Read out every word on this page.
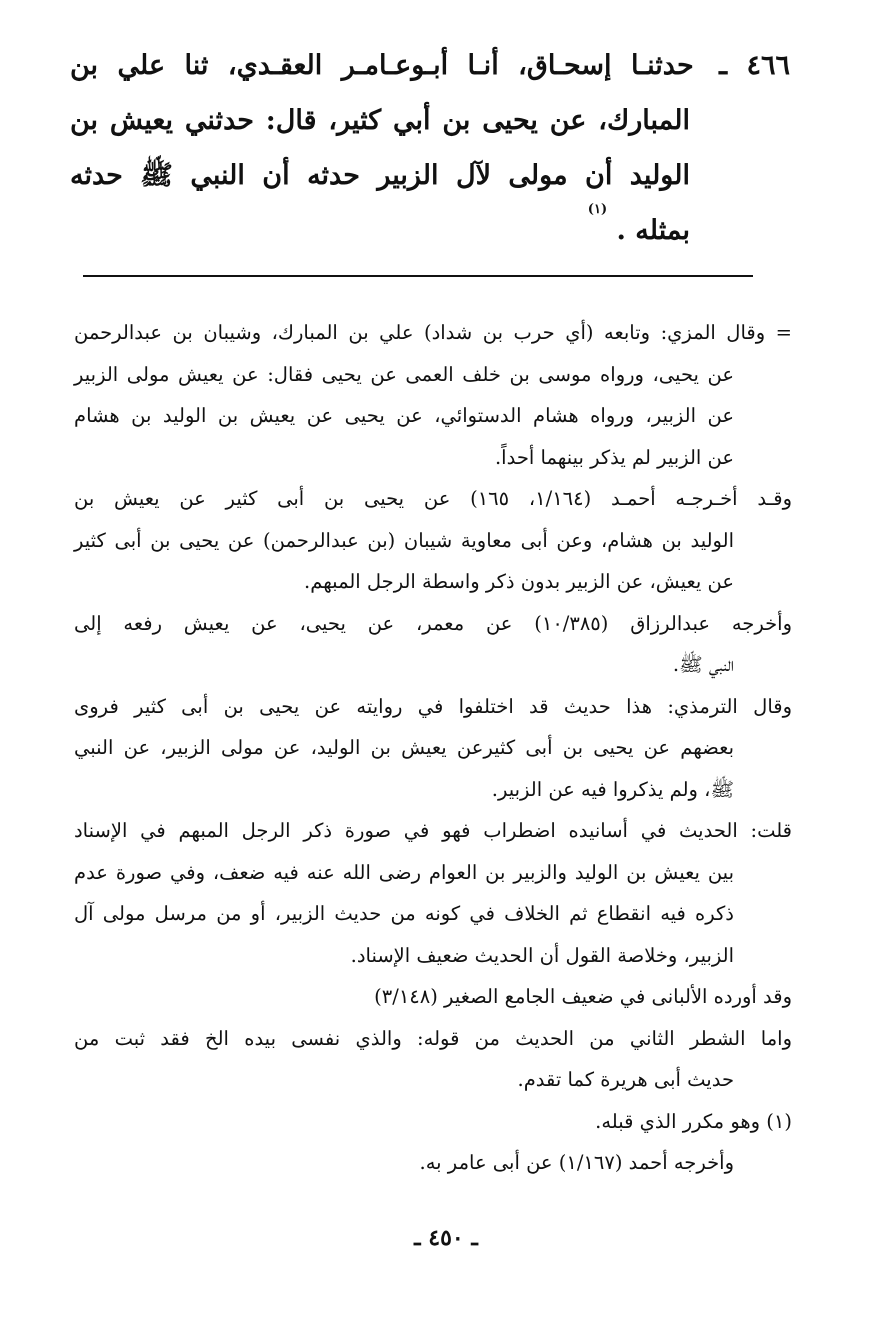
٤٦٦ ـ حدثنـا إسحـاق، أنـا أبـوعـامـر العقـدي، ثنا علي بن
المبارك، عن يحيى بن أبي كثير، قال: حدثني يعيش بن
الوليد أن مولى لآل الزبير حدثه أن النبي ﷺ حدثه
بمثله . $^{(١)}$
= وقال المزي: وتابعه (أي حرب بن شداد) علي بن المبارك، وشيبان بن عبدالرحمن
عن يحيى، ورواه موسى بن خلف العمى عن يحيى فقال: عن يعيش مولى الزبير
عن الزبير، ورواه هشام الدستوائي، عن يحيى عن يعيش بن الوليد بن هشام
عن الزبير لم يذكر بينهما أحداً.
وقـد أخـرجـه أحمـد (١/١٦٤، ١٦٥) عن يحيى بن أبى كثير عن يعيش بن
الوليد بن هشام، وعن أبى معاوية شيبان (بن عبدالرحمن) عن يحيى بن أبى كثير
عن يعيش، عن الزبير بدون ذكر واسطة الرجل المبهم.
وأخرجه عبدالرزاق (١٠/٣٨٥) عن معمر، عن يحيى، عن يعيش رفعه إلى
النبي ﷺ.
وقال الترمذي: هذا حديث قد اختلفوا في روايته عن يحيى بن أبى كثير فروى
بعضهم عن يحيى بن أبى كثيرعن يعيش بن الوليد، عن مولى الزبير، عن النبي
ﷺ، ولم يذكروا فيه عن الزبير.
قلت: الحديث في أسانيده اضطراب فهو في صورة ذكر الرجل المبهم في الإسناد
بين يعيش بن الوليد والزبير بن العوام رضى الله عنه فيه ضعف، وفي صورة عدم
ذكره فيه انقطاع ثم الخلاف في كونه من حديث الزبير، أو من مرسل مولى آل
الزبير، وخلاصة القول أن الحديث ضعيف الإسناد.
وقد أورده الألبانى في ضعيف الجامع الصغير (٣/١٤٨)
واما الشطر الثاني من الحديث من قوله: والذي نفسى بيده الخ فقد ثبت من
حديث أبى هريرة كما تقدم.
(١) وهو مكرر الذي قبله.
وأخرجه أحمد (١/١٦٧) عن أبى عامر به.
ـ ٤٥٠ ـ
